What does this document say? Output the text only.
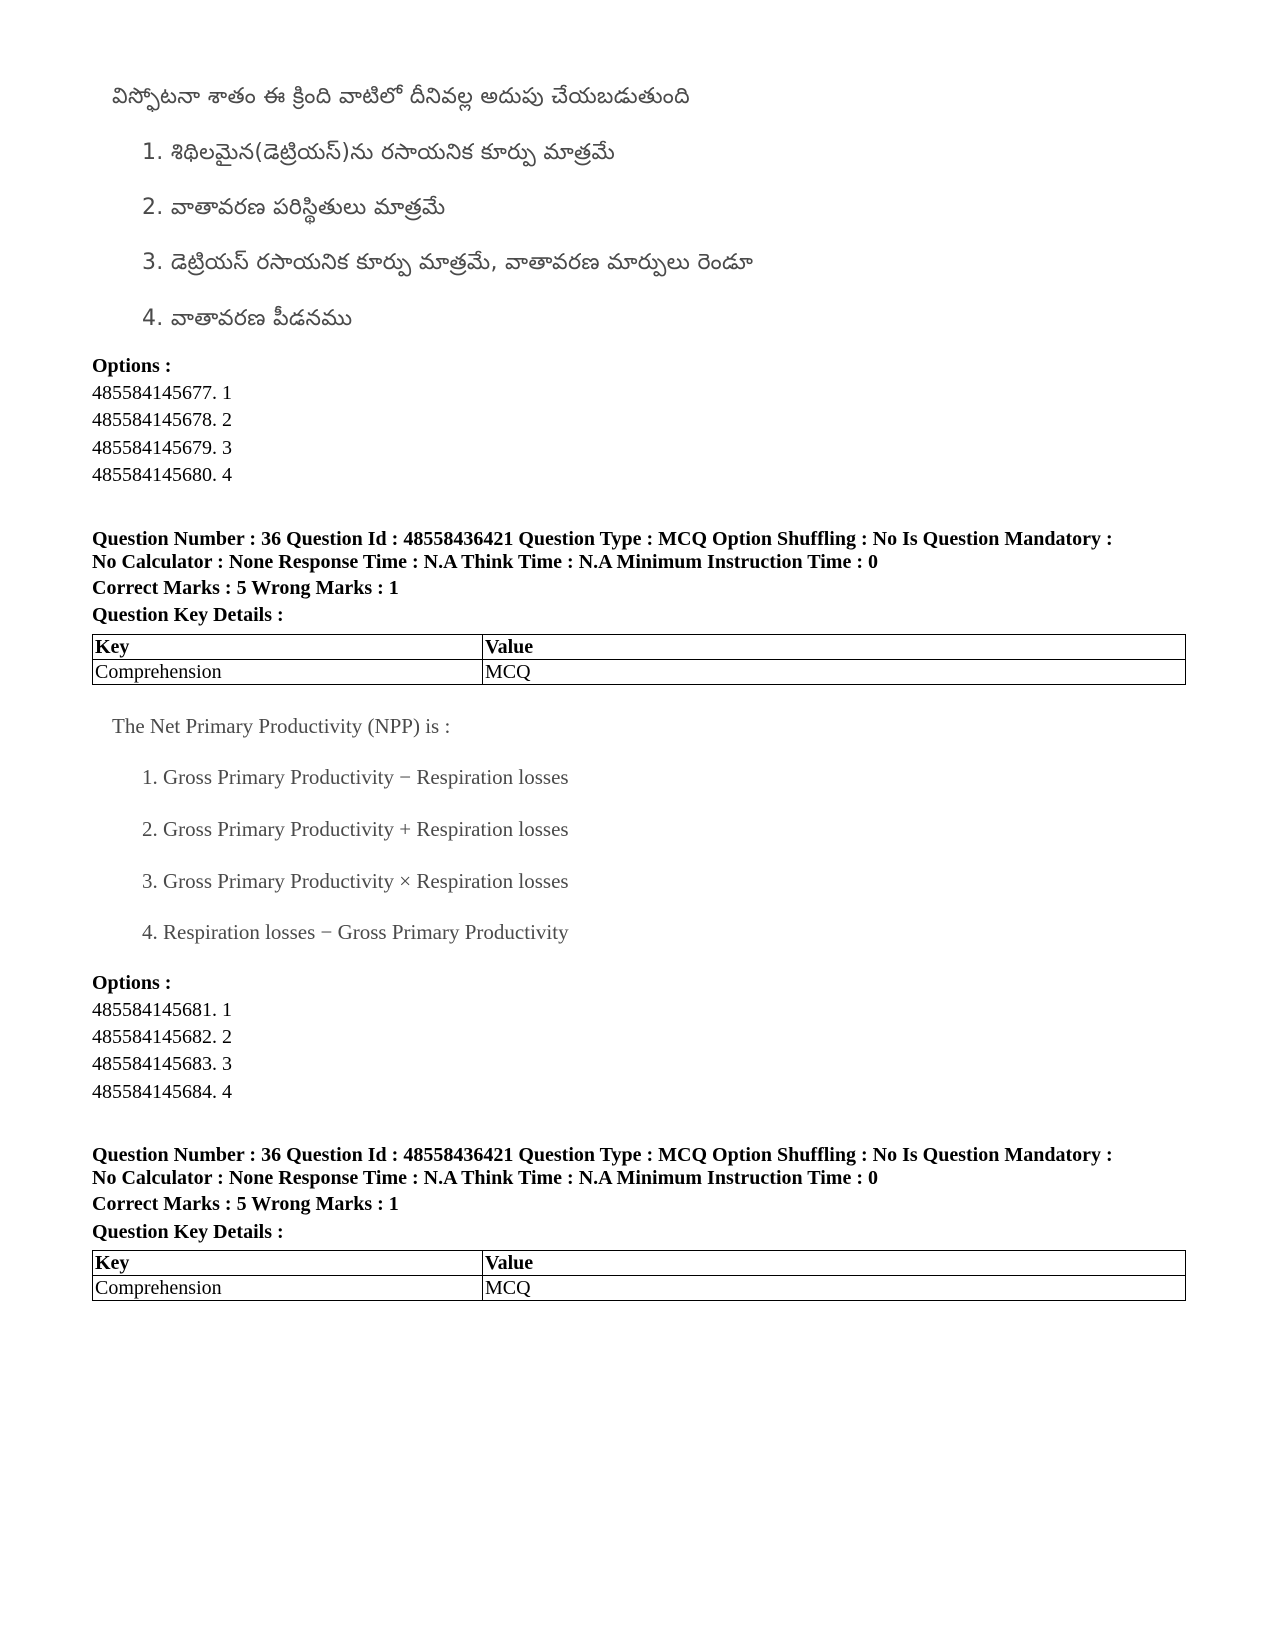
విస్ఫోటనా శాతం ఈ క్రింది వాటిలో దీనివల్ల అదుపు చేయబడుతుంది
1. శిథిలమైన(డెట్రియస్)ను రసాయనిక కూర్పు మాత్రమే
2. వాతావరణ పరిస్థితులు మాత్రమే
3. డెట్రియస్ రసాయనిక కూర్పు మాత్రమే, వాతావరణ మార్పులు రెండూ
4. వాతావరణ పీడనము
Options :
485584145677. 1
485584145678. 2
485584145679. 3
485584145680. 4
Question Number : 36 Question Id : 48558436421 Question Type : MCQ Option Shuffling : No Is Question Mandatory :
No Calculator : None Response Time : N.A Think Time : N.A Minimum Instruction Time : 0
Correct Marks : 5 Wrong Marks : 1
Question Key Details :
Key	Value
Comprehension	MCQ
The Net Primary Productivity (NPP) is :
1. Gross Primary Productivity − Respiration losses
2. Gross Primary Productivity + Respiration losses
3. Gross Primary Productivity × Respiration losses
4. Respiration losses − Gross Primary Productivity
Options :
485584145681. 1
485584145682. 2
485584145683. 3
485584145684. 4
Question Number : 36 Question Id : 48558436421 Question Type : MCQ Option Shuffling : No Is Question Mandatory :
No Calculator : None Response Time : N.A Think Time : N.A Minimum Instruction Time : 0
Correct Marks : 5 Wrong Marks : 1
Question Key Details :
Key	Value
Comprehension	MCQ
